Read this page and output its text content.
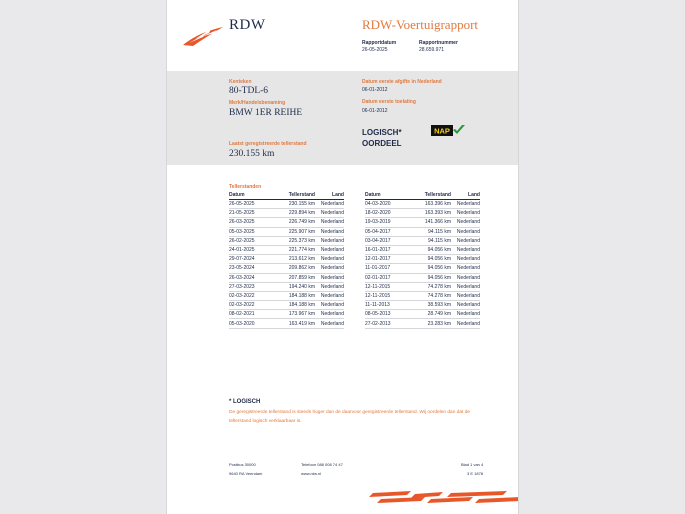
RDW	RDW-Voertuigrapport
Rapportdatum
26-05-2025
Rapportnummer
28.659.971
Kenteken
80-TDL-6
Merk/Handelsbenaming
BMW 1ER REIHE
Laatst geregistreerde tellerstand
230.155 km
Datum eerste afgifte in Nederland
06-01-2012
Datum eerste toelating
06-01-2012
LOGISCH*
OORDEEL
NAP
Tellerstanden
Datum	Tellerstand	Land
26-05-2025	230.155 km	Nederland
21-05-2025	229.894 km	Nederland
26-03-2025	226.749 km	Nederland
05-03-2025	225.907 km	Nederland
26-02-2025	225.373 km	Nederland
24-01-2025	221.774 km	Nederland
29-07-2024	213.612 km	Nederland
23-05-2024	209.862 km	Nederland
26-03-2024	207.859 km	Nederland
27-03-2023	194.240 km	Nederland
02-03-2022	184.188 km	Nederland
02-03-2022	184.188 km	Nederland
08-02-2021	173.967 km	Nederland
05-03-2020	163.419 km	Nederland
Datum	Tellerstand	Land
04-03-2020	163.396 km	Nederland
18-02-2020	163.393 km	Nederland
19-03-2019	141.366 km	Nederland
05-04-2017	94.115 km	Nederland
03-04-2017	94.115 km	Nederland
16-01-2017	94.056 km	Nederland
12-01-2017	94.056 km	Nederland
11-01-2017	94.056 km	Nederland
02-01-2017	94.056 km	Nederland
12-11-2015	74.278 km	Nederland
12-11-2015	74.278 km	Nederland
11-11-2013	38.593 km	Nederland
08-05-2013	28.749 km	Nederland
27-02-2013	23.283 km	Nederland
* LOGISCH
De geregistreerde tellerstand is steeds hoger dan de daarvoor geregistreerde tellerstand. Wij oordelen dan dat de tellerstand logisch verklaarbaar is.
Postbus 30000
9640 RA Veendam
Telefoon 088 008 74 47
www.rdw.nl
Blad 1 van 4
3 E 1878
